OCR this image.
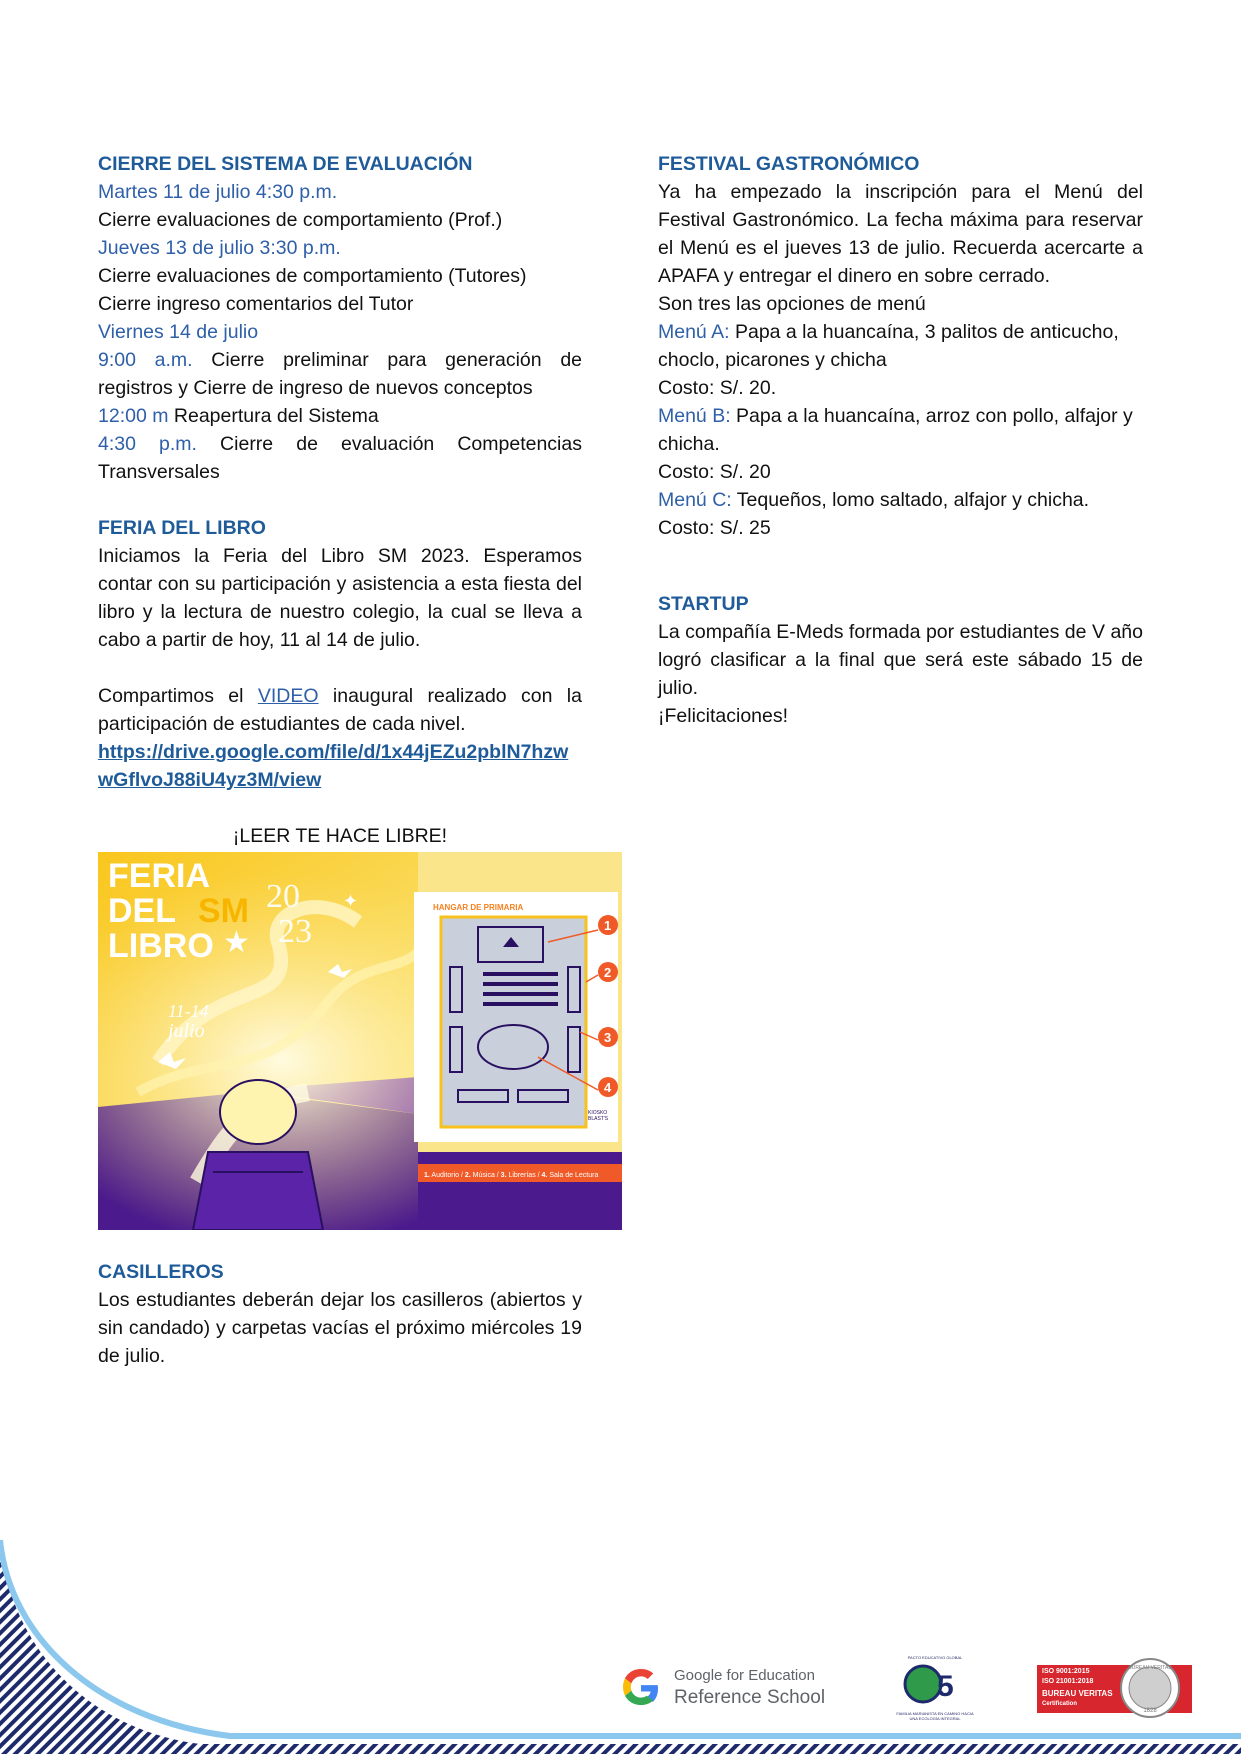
CIERRE DEL SISTEMA DE EVALUACIÓN

Martes 11 de julio 4:30 p.m.

Cierre evaluaciones de comportamiento (Prof.)

Jueves 13 de julio 3:30 p.m.

Cierre evaluaciones de comportamiento (Tutores)

Cierre ingreso comentarios del Tutor

Viernes 14 de julio

9:00 a.m. Cierre preliminar para generación de registros y Cierre de ingreso de nuevos conceptos

12:00 m Reapertura del Sistema

4:30 p.m. Cierre de evaluación Competencias Transversales

FERIA DEL LIBRO

Iniciamos la Feria del Libro SM 2023. Esperamos contar con su participación y asistencia a esta fiesta del libro y la lectura de nuestro colegio, la cual se lleva a cabo a partir de hoy, 11 al 14 de julio.

Compartimos el VIDEO inaugural realizado con la participación de estudiantes de cada nivel.

https://drive.google.com/file/d/1x44jEZu2pblN7hzwwGflvoJ88iU4yz3M/view

¡LEER TE HACE LIBRE!

★
✦
FERIA
DEL SM
LIBRO
20
23
11-14
julio
HANGAR DE PRIMARIA
1
2
3
4
KIOSKO
BLAST'S
1. Auditorio / 2. Música / 3. Librerías / 4. Sala de Lectura

CASILLEROS

Los estudiantes deberán dejar los casilleros (abiertos y sin candado) y carpetas vacías el próximo miércoles 19 de julio.

FESTIVAL GASTRONÓMICO

Ya ha empezado la inscripción para el Menú del Festival Gastronómico. La fecha máxima para reservar el Menú es el jueves 13 de julio. Recuerda acercarte a APAFA y entregar el dinero en sobre cerrado.

Son tres las opciones de menú

Menú A: Papa a la huancaína, 3 palitos de anticucho, choclo, picarones y chicha

Costo: S/. 20.

Menú B: Papa a la huancaína, arroz con pollo, alfajor y chicha.

Costo: S/. 20

Menú C: Tequeños, lomo saltado, alfajor y chicha.

Costo: S/. 25

STARTUP

La compañía E-Meds formada por estudiantes de V año logró clasificar a la final que será este sábado 15 de julio.

¡Felicitaciones!

Google for Education
Reference School
PACTO EDUCATIVO GLOBAL
5
FAMILIA MARIANISTA EN CAMINO HACIA UNA ECOLOGÍA INTEGRAL
ISO 9001:2015
ISO 21001:2018
BUREAU VERITAS
Certification
BUREAU VERITAS
1828
